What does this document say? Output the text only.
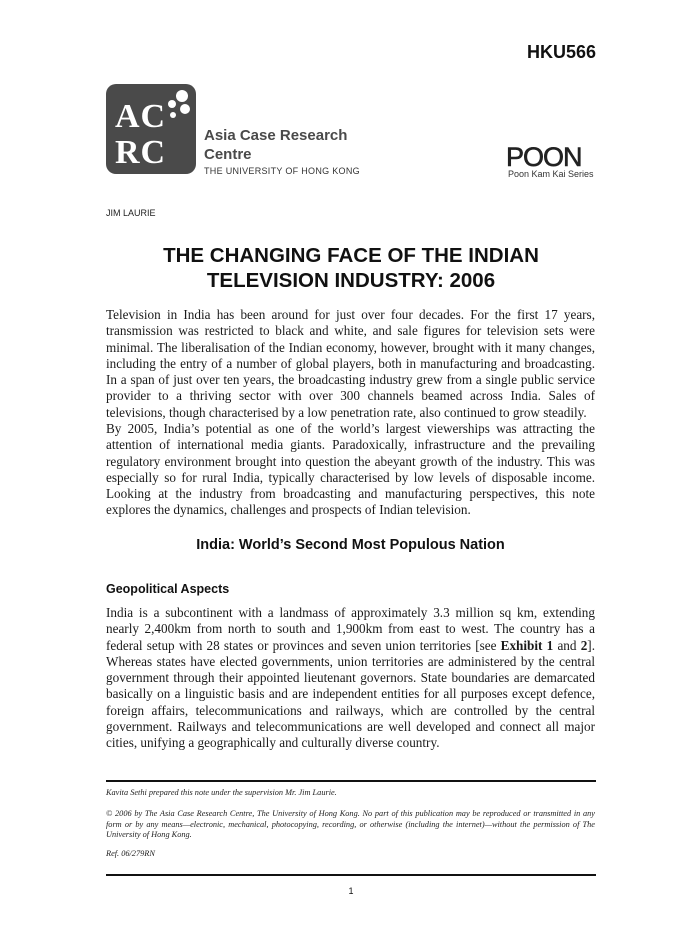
HKU566
AC
RC	Asia Case Research Centre
THE UNIVERSITY OF HONG KONG	POON
Poon Kam Kai Series
JIM LAURIE
THE CHANGING FACE OF THE INDIAN TELEVISION INDUSTRY: 2006

Television in India has been around for just over four decades. For the first 17 years, transmission was restricted to black and white, and sale figures for television sets were minimal. The liberalisation of the Indian economy, however, brought with it many changes, including the entry of a number of global players, both in manufacturing and broadcasting. In a span of just over ten years, the broadcasting industry grew from a single public service provider to a thriving sector with over 300 channels beamed across India. Sales of televisions, though characterised by a low penetration rate, also continued to grow steadily.

By 2005, India’s potential as one of the world’s largest viewerships was attracting the attention of international media giants. Paradoxically, infrastructure and the prevailing regulatory environment brought into question the abeyant growth of the industry. This was especially so for rural India, typically characterised by low levels of disposable income. Looking at the industry from broadcasting and manufacturing perspectives, this note explores the dynamics, challenges and prospects of Indian television.

India: World’s Second Most Populous Nation
Geopolitical Aspects

India is a subcontinent with a landmass of approximately 3.3 million sq km, extending nearly 2,400km from north to south and 1,900km from east to west. The country has a federal setup with 28 states or provinces and seven union territories [see Exhibit 1 and 2]. Whereas states have elected governments, union territories are administered by the central government through their appointed lieutenant governors. State boundaries are demarcated basically on a linguistic basis and are independent entities for all purposes except defence, foreign affairs, telecommunications and railways, which are controlled by the central government. Railways and telecommunications are well developed and connect all major cities, unifying a geographically and culturally diverse country.

Kavita Sethi prepared this note under the supervision Mr. Jim Laurie.

© 2006 by The Asia Case Research Centre, The University of Hong Kong. No part of this publication may be reproduced or transmitted in any form or by any means—electronic, mechanical, photocopying, recording, or otherwise (including the internet)—without the permission of The University of Hong Kong.

Ref. 06/279RN

1
